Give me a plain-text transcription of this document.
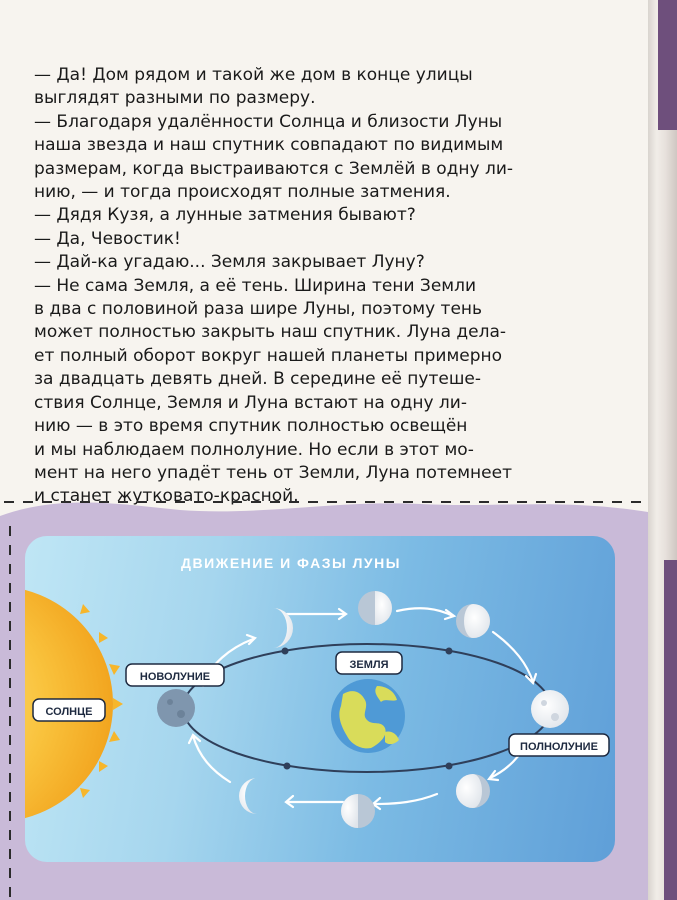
— Да! Дом рядом и такой же дом в конце улицы

выглядят разными по размеру.

— Благодаря удалённости Солнца и близости Луны

наша звезда и наш спутник совпадают по видимым

размерам, когда выстраиваются с Землёй в одну ли-

нию, — и тогда происходят полные затмения.

— Дядя Кузя, а лунные затмения бывают?

— Да, Чевостик!

— Дай-ка угадаю... Земля закрывает Луну?

— Не сама Земля, а её тень. Ширина тени Земли

в два с половиной раза шире Луны, поэтому тень

может полностью закрыть наш спутник. Луна дела-

ет полный оборот вокруг нашей планеты примерно

за двадцать девять дней. В середине её путеше-

ствия Солнце, Земля и Луна встают на одну ли-

нию — в это время спутник полностью освещён

и мы наблюдаем полнолуние. Но если в этот мо-

мент на него упадёт тень от Земли, Луна потемнеет

и станет жутковато-красной.

ДВИЖЕНИЕ И ФАЗЫ ЛУНЫ
СОЛНЦЕ
НОВОЛУНИЕ
ЗЕМЛЯ
ПОЛНОЛУНИЕ
